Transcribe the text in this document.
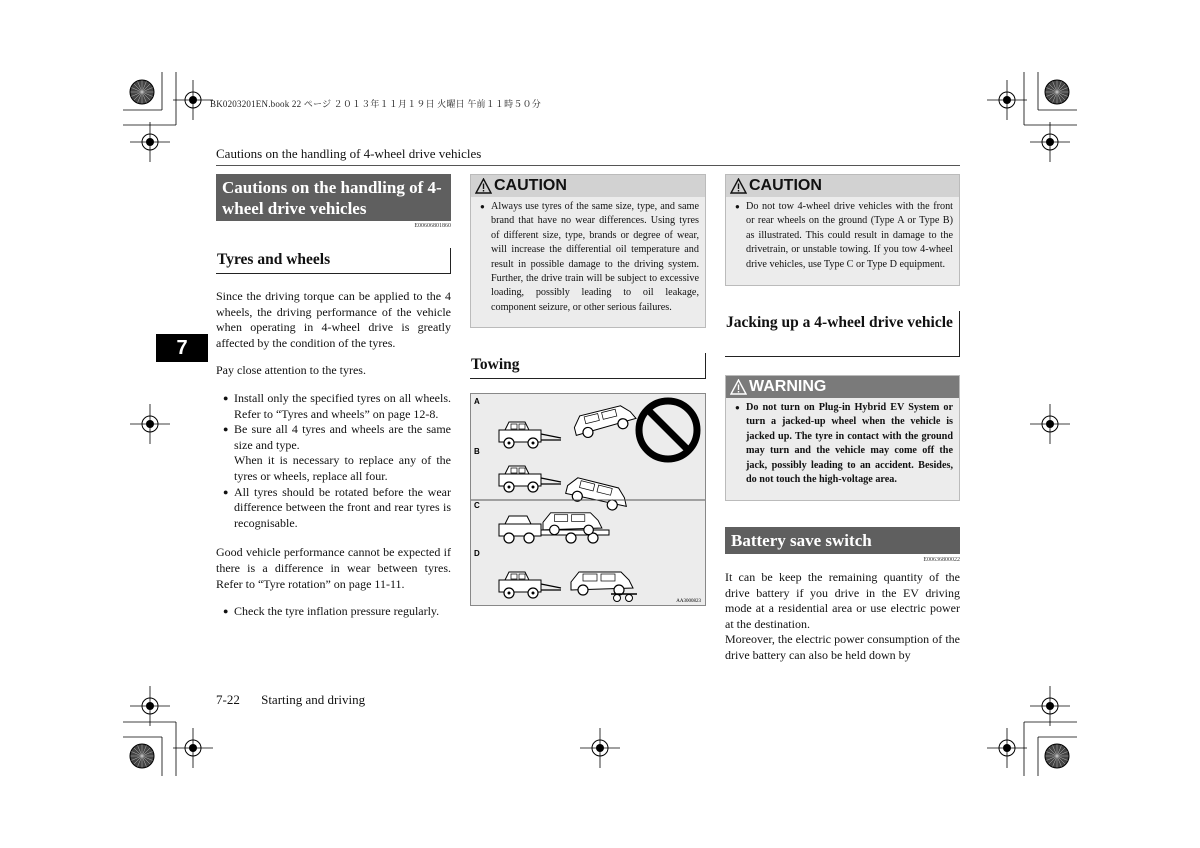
BK0203201EN.book 22 ページ ２０１３年１１月１９日 火曜日 午前１１時５０分
Cautions on the handling of 4-wheel drive vehicles
7
Cautions on the handling of 4-wheel drive vehicles
E00606801860
Tyres and wheels

Since the driving torque can be applied to the 4 wheels, the driving performance of the vehicle when operating in 4-wheel drive is greatly affected by the condition of the tyres.

Pay close attention to the tyres.

● Install only the specified tyres on all wheels. Refer to “Tyres and wheels” on page 12-8.
● Be sure all 4 tyres and wheels are the same size and type.
When it is necessary to replace any of the tyres or wheels, replace all four.
● All tyres should be rotated before the wear difference between the front and rear tyres is recognisable.

Good vehicle performance cannot be expected if there is a difference in wear between tyres. Refer to “Tyre rotation” on page 11-11.

● Check the tyre inflation pressure regularly.
CAUTION
● Always use tyres of the same size, type, and same brand that have no wear differences. Using tyres of different size, type, brands or degree of wear, will increase the differential oil temperature and result in possible damage to the driving system. Further, the drive train will be subject to excessive loading, possibly leading to oil leakage, component seizure, or other serious failures.
Towing
A
B
C
D
AA3000823
CAUTION
● Do not tow 4-wheel drive vehicles with the front or rear wheels on the ground (Type A or Type B) as illustrated. This could result in damage to the drivetrain, or unstable towing. If you tow 4-wheel drive vehicles, use Type C or Type D equipment.
Jacking up a 4-wheel drive vehicle
WARNING
● Do not turn on Plug-in Hybrid EV System or turn a jacked-up wheel when the vehicle is jacked up. The tyre in contact with the ground may turn and the vehicle may come off the jack, possibly leading to an accident. Besides, do not touch the high-voltage area.
Battery save switch
E00636800022

It can be keep the remaining quantity of the drive battery if you drive in the EV driving mode at a residential area or use electric power at the destination.

Moreover, the electric power consumption of the drive battery can also be held down by

7-22 Starting and driving
